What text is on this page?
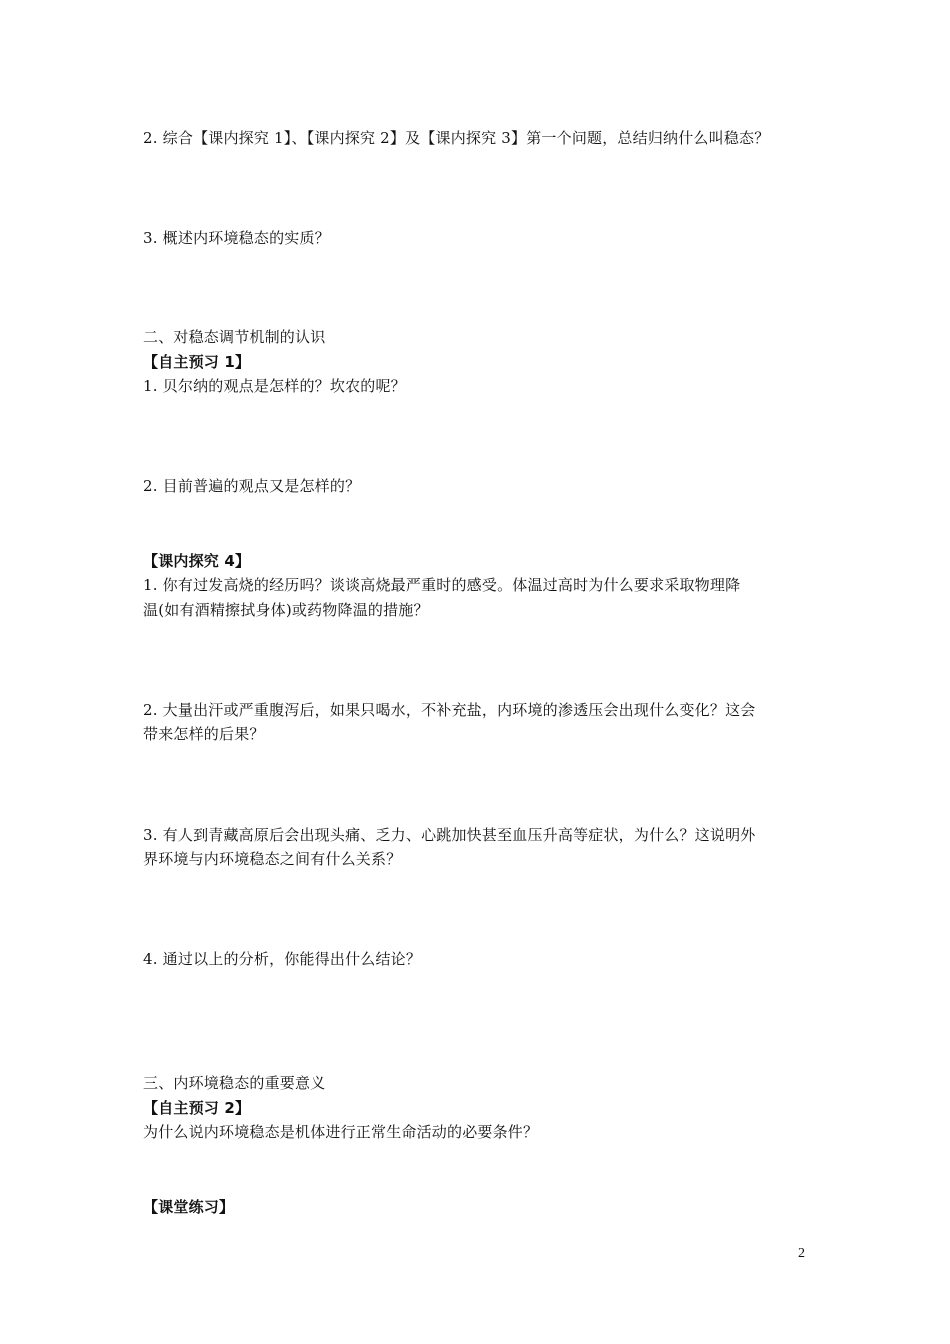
2. 综合【课内探究 1】、【课内探究 2】及【课内探究 3】第一个问题，总结归纳什么叫稳态？
3. 概述内环境稳态的实质？
二、对稳态调节机制的认识
【自主预习 1】
1. 贝尔纳的观点是怎样的？坎农的呢？
2. 目前普遍的观点又是怎样的？
【课内探究 4】
1. 你有过发高烧的经历吗？谈谈高烧最严重时的感受。体温过高时为什么要求采取物理降
温(如有酒精擦拭身体)或药物降温的措施？
2. 大量出汗或严重腹泻后，如果只喝水，不补充盐，内环境的渗透压会出现什么变化？这会
带来怎样的后果？
3. 有人到青藏高原后会出现头痛、乏力、心跳加快甚至血压升高等症状，为什么？这说明外
界环境与内环境稳态之间有什么关系？
4. 通过以上的分析，你能得出什么结论？
三、内环境稳态的重要意义
【自主预习 2】
为什么说内环境稳态是机体进行正常生命活动的必要条件？
【课堂练习】
2
